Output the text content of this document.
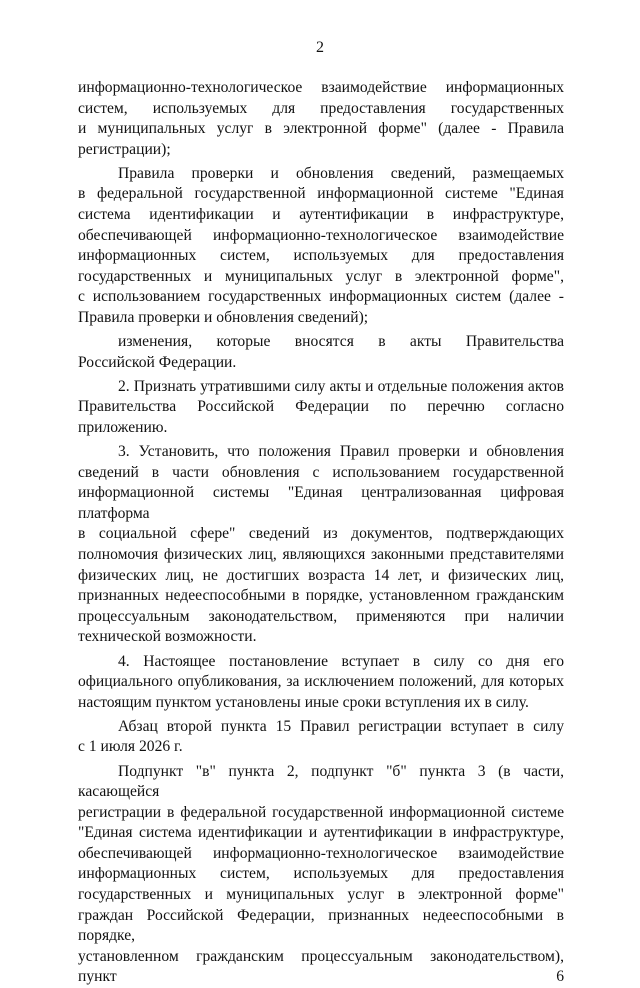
2

информационно-технологическое взаимодействие информационных

систем, используемых для предоставления государственных

и муниципальных услуг в электронной форме" (далее - Правила

регистрации);

Правила проверки и обновления сведений, размещаемых

в федеральной государственной информационной системе "Единая

система идентификации и аутентификации в инфраструктуре,

обеспечивающей информационно-технологическое взаимодействие

информационных систем, используемых для предоставления

государственных и муниципальных услуг в электронной форме",

с использованием государственных информационных систем (далее -

Правила проверки и обновления сведений);

изменения, которые вносятся в акты Правительства

Российской Федерации.

2. Признать утратившими силу акты и отдельные положения актов

Правительства Российской Федерации по перечню согласно приложению.

3. Установить, что положения Правил проверки и обновления

сведений в части обновления с использованием государственной

информационной системы "Единая централизованная цифровая платформа

в социальной сфере" сведений из документов, подтверждающих

полномочия физических лиц, являющихся законными представителями

физических лиц, не достигших возраста 14 лет, и физических лиц,

признанных недееспособными в порядке, установленном гражданским

процессуальным законодательством, применяются при наличии

технической возможности.

4. Настоящее постановление вступает в силу со дня его

официального опубликования, за исключением положений, для которых

настоящим пунктом установлены иные сроки вступления их в силу.

Абзац второй пункта 15 Правил регистрации вступает в силу

с 1 июля 2026 г.

Подпункт "в" пункта 2, подпункт "б" пункта 3 (в части, касающейся

регистрации в федеральной государственной информационной системе

"Единая система идентификации и аутентификации в инфраструктуре,

обеспечивающей информационно-технологическое взаимодействие

информационных систем, используемых для предоставления

государственных и муниципальных услуг в электронной форме"

граждан Российской Федерации, признанных недееспособными в порядке,

установленном гражданским процессуальным законодательством), пункт 6
